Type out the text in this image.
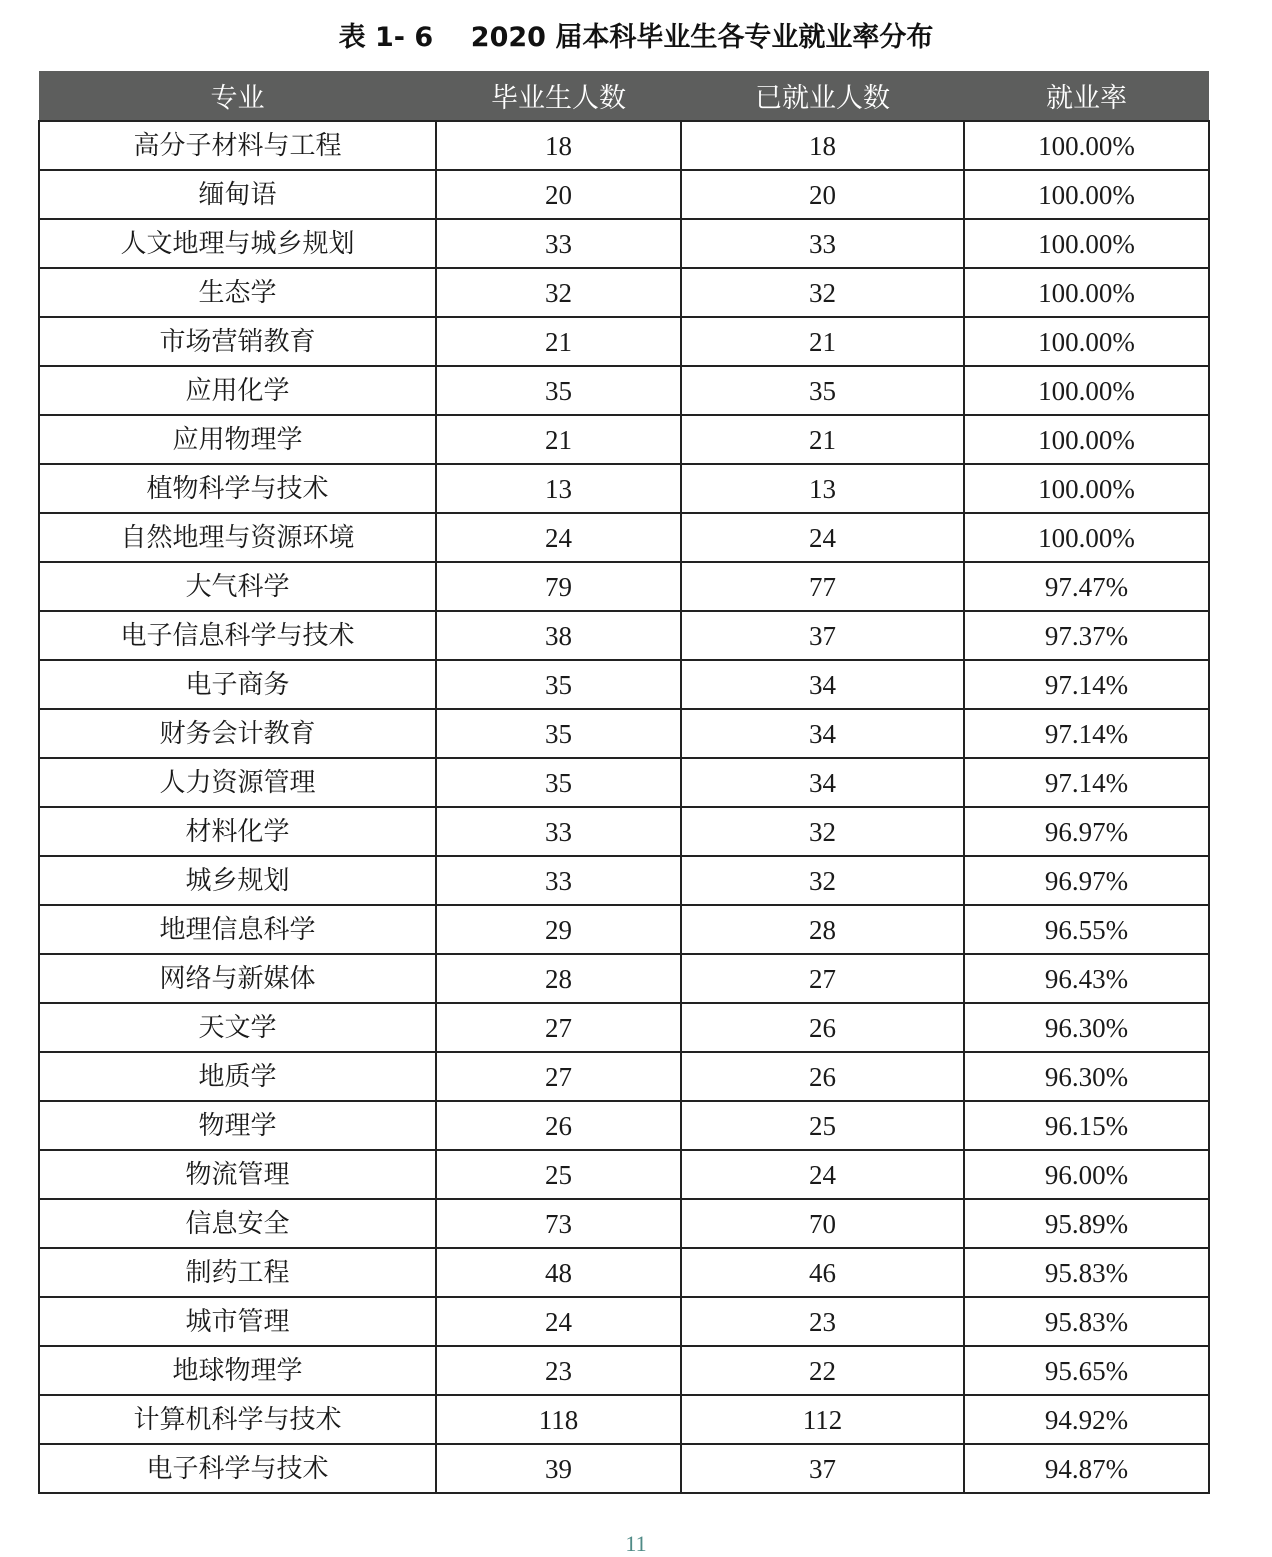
表 1- 6    2020 届本科毕业生各专业就业率分布
专业	毕业生人数	已就业人数	就业率
高分子材料与工程	18	18	100.00%
缅甸语	20	20	100.00%
人文地理与城乡规划	33	33	100.00%
生态学	32	32	100.00%
市场营销教育	21	21	100.00%
应用化学	35	35	100.00%
应用物理学	21	21	100.00%
植物科学与技术	13	13	100.00%
自然地理与资源环境	24	24	100.00%
大气科学	79	77	97.47%
电子信息科学与技术	38	37	97.37%
电子商务	35	34	97.14%
财务会计教育	35	34	97.14%
人力资源管理	35	34	97.14%
材料化学	33	32	96.97%
城乡规划	33	32	96.97%
地理信息科学	29	28	96.55%
网络与新媒体	28	27	96.43%
天文学	27	26	96.30%
地质学	27	26	96.30%
物理学	26	25	96.15%
物流管理	25	24	96.00%
信息安全	73	70	95.89%
制药工程	48	46	95.83%
城市管理	24	23	95.83%
地球物理学	23	22	95.65%
计算机科学与技术	118	112	94.92%
电子科学与技术	39	37	94.87%
11
